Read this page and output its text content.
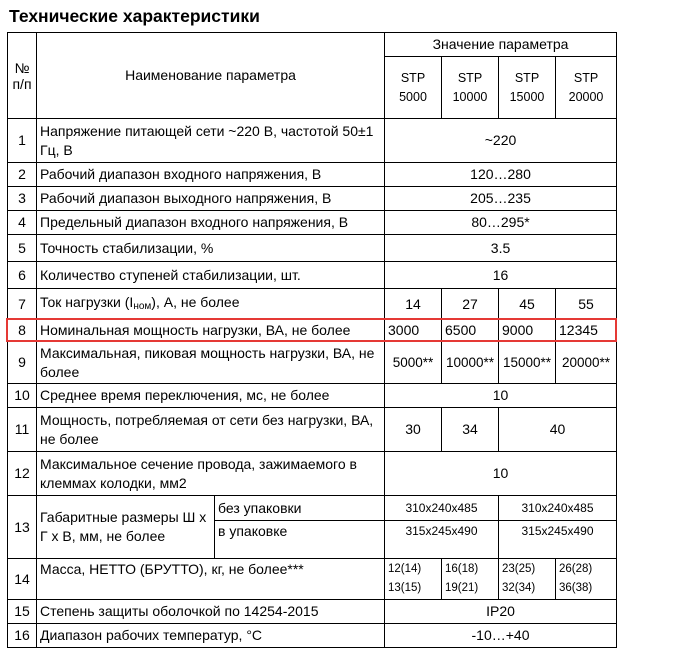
Технические характеристики
№ п/п	Наименование параметра		Значение параметра			
			STP 5000	STP 10000	STP 15000	STP 20000
1	Напряжение питающей сети ~220 В, частотой 50±1 Гц, В		~220			
2	Рабочий диапазон входного напряжения, В		120…280			
3	Рабочий диапазон выходного напряжения, В		205…235			
4	Предельный диапазон входного напряжения, В		80…295*			
5	Точность стабилизации, %		3.5			
6	Количество ступеней стабилизации, шт.		16			
7	Ток нагрузки $(I_{ном})$, А, не более		14	27	45	55
8	Номинальная мощность нагрузки, ВА, не более		3000	6500	9000	12345
9	Максимальная, пиковая мощность нагрузки, ВА, не более		5000**	10000**	15000**	20000**
10	Среднее время переключения, мс, не более		10			
11	Мощность, потребляемая от сети без нагрузки, ВА, не более		30	34	40	
12	Максимальное сечение провода, зажимаемого в клеммах колодки, мм2		10			
13	Габаритные размеры Ш х Г х В, мм, не более	без упаковки	310x240x485		310x240x485	
		в упаковке	315x245x490		315x245x490	
14	Масса, НЕТТО (БРУТТО), кг, не более***		12(14) 13(15)	16(18) 19(21)	23(25) 32(34)	26(28) 36(38)
15	Степень защиты оболочкой по 14254-2015		IP20			
16	Диапазон рабочих температур, °С		-10…+40			
